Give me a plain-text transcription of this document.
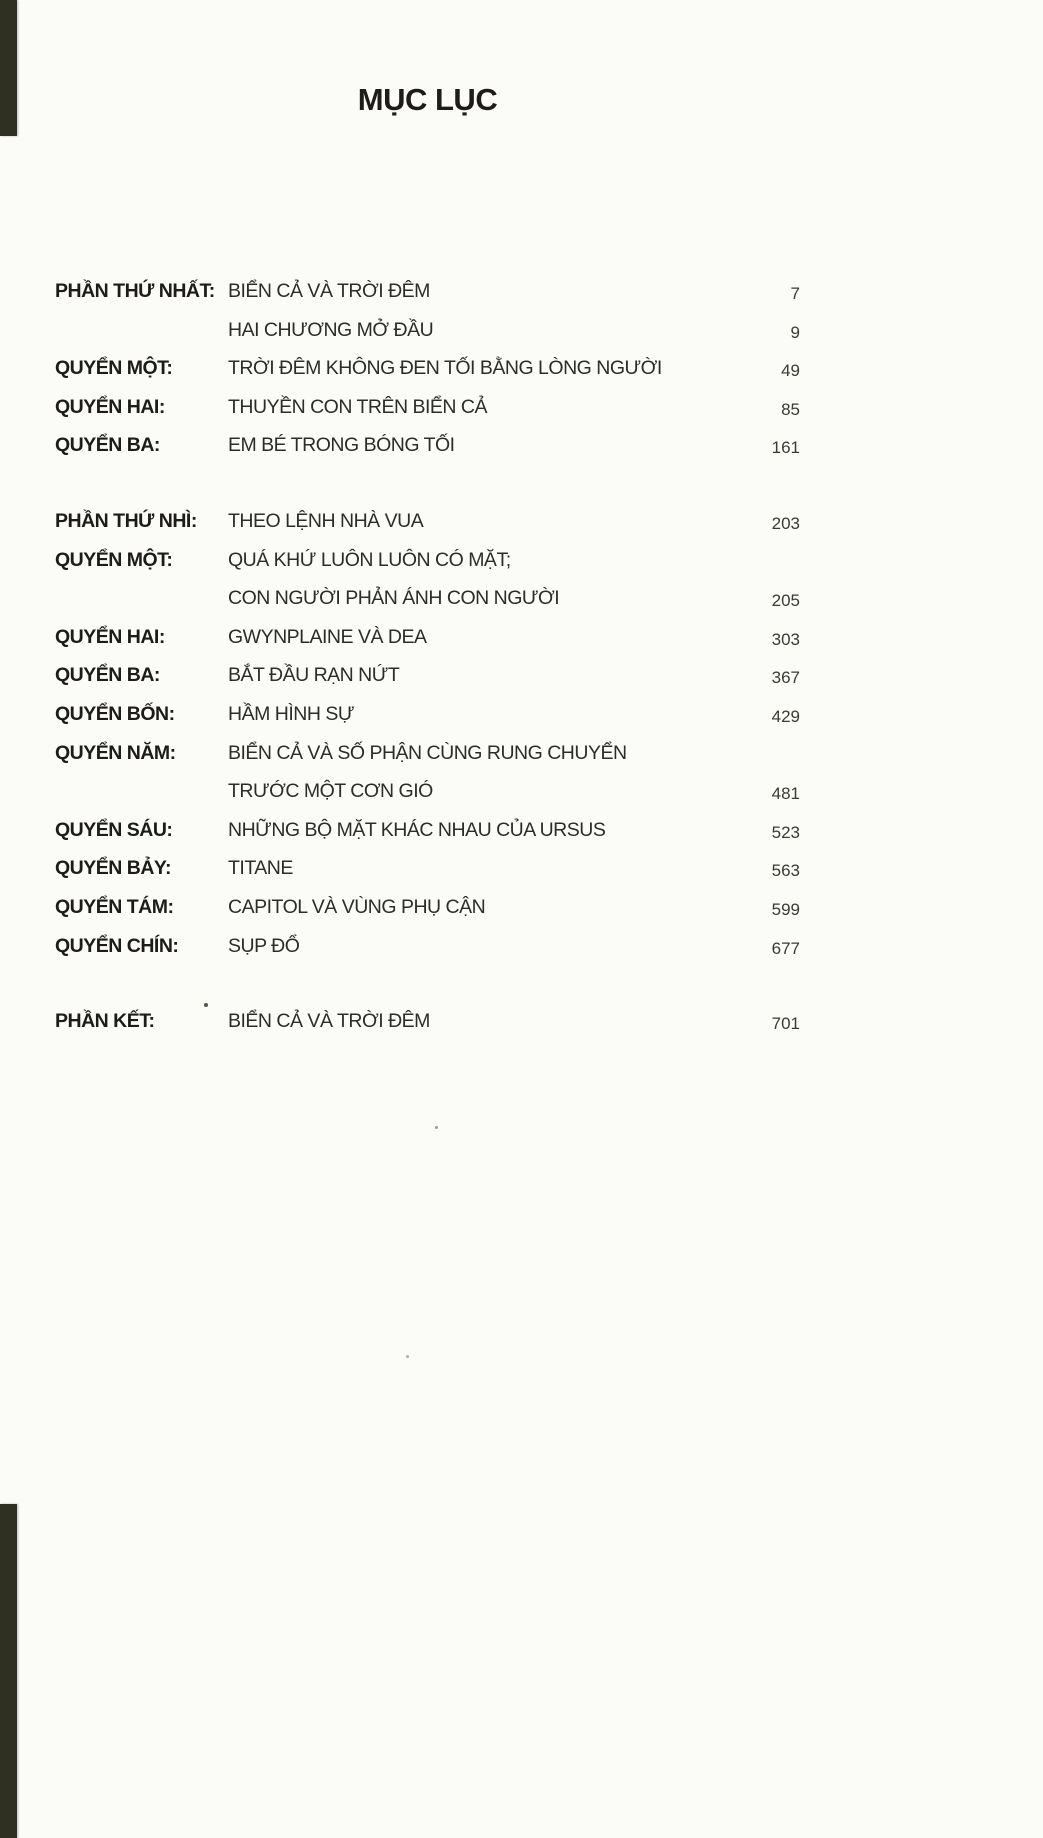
MỤC LỤC
PHẦN THỨ NHẤT: BIỂN CẢ VÀ TRỜI ĐÊM	7
HAI CHƯƠNG MỞ ĐẦU	9
QUYỂN MỘT:	TRỜI ĐÊM KHÔNG ĐEN TỐI BẰNG LÒNG NGƯỜI	49
QUYỂN HAI:	THUYỀN CON TRÊN BIỂN CẢ	85
QUYỂN BA:	EM BÉ TRONG BÓNG TỐI	161
PHẦN THỨ NHÌ:	THEO LỆNH NHÀ VUA	203
QUYỂN MỘT:	QUÁ KHỨ LUÔN LUÔN CÓ MẶT;
CON NGƯỜI PHẢN ÁNH CON NGƯỜI	205
QUYỂN HAI:	GWYNPLAINE VÀ DEA	303
QUYỂN BA:	BẮT ĐẦU RẠN NỨT	367
QUYỂN BỐN:	HẦM HÌNH SỰ	429
QUYỂN NĂM:	BIỂN CẢ VÀ SỐ PHẬN CÙNG RUNG CHUYỂN
TRƯỚC MỘT CƠN GIÓ	481
QUYỂN SÁU:	NHỮNG BỘ MẶT KHÁC NHAU CỦA URSUS	523
QUYỂN BẢY:	TITANE	563
QUYỂN TÁM:	CAPITOL VÀ VÙNG PHỤ CẬN	599
QUYỂN CHÍN:	SỤP ĐỔ	677
PHẦN KẾT:	BIỂN CẢ VÀ TRỜI ĐÊM	701
